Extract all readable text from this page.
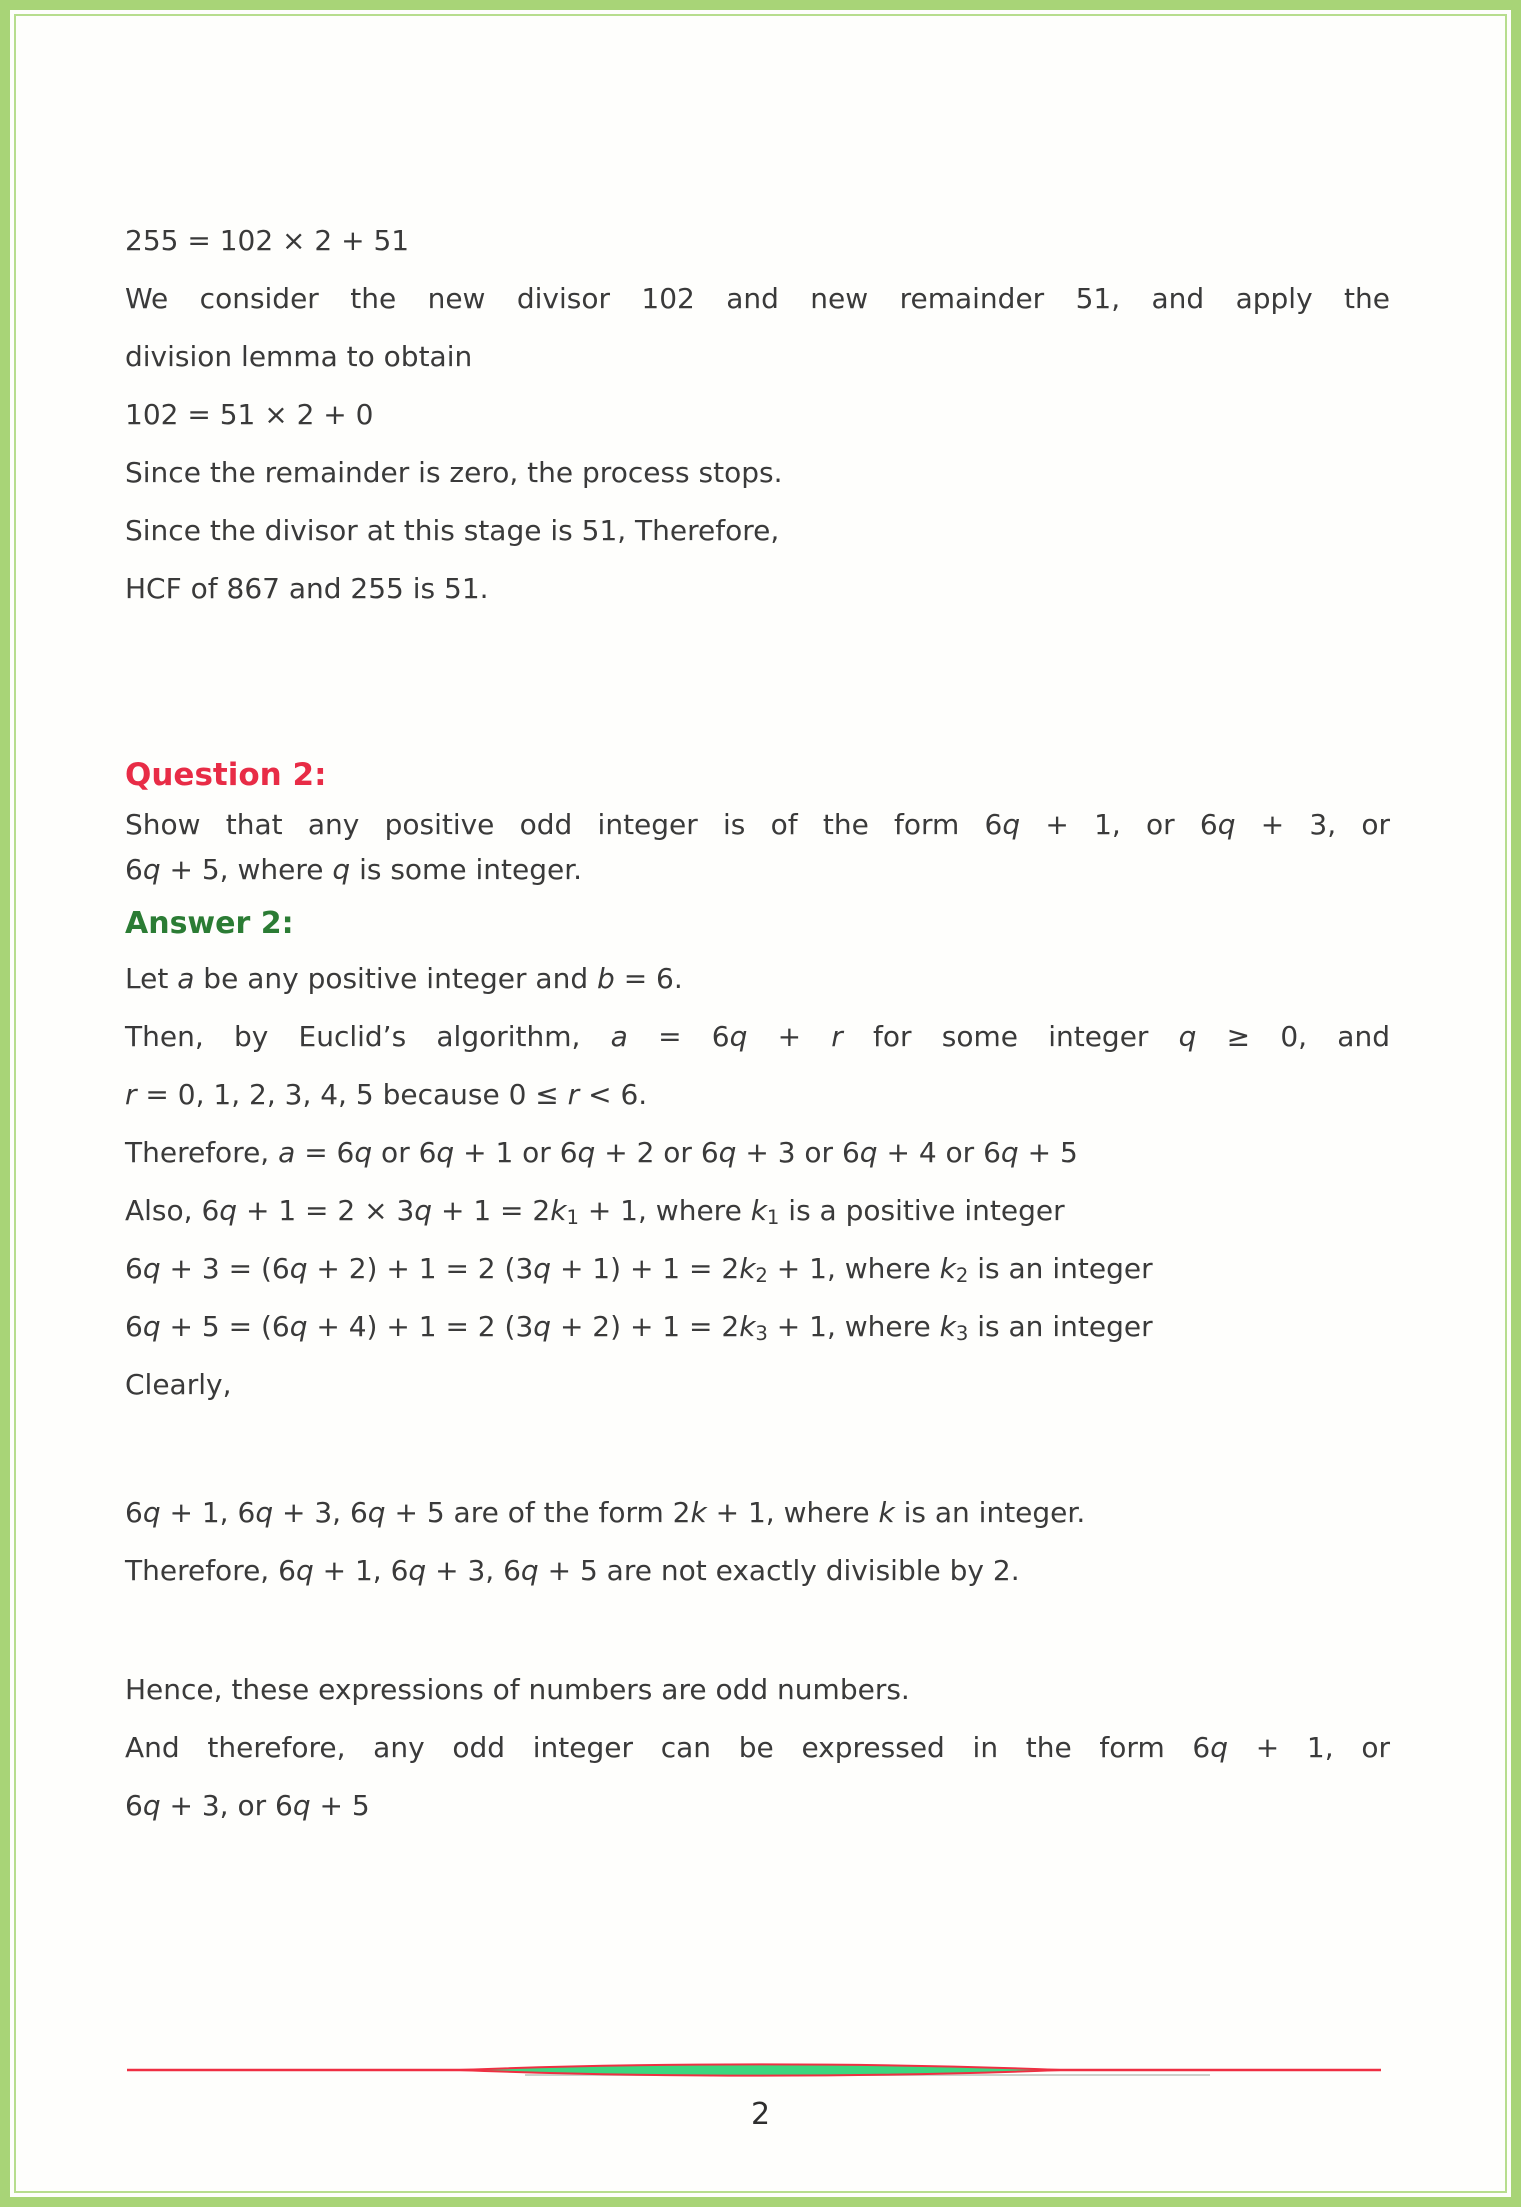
255 = 102 × 2 + 51
We consider the new divisor 102 and new remainder 51, and apply the
division lemma to obtain
102 = 51 × 2 + 0
Since the remainder is zero, the process stops.
Since the divisor at this stage is 51, Therefore,
HCF of 867 and 255 is 51.
Question 2:
Show that any positive odd integer is of the form 6q + 1, or 6q + 3, or
6q + 5, where q is some integer.
Answer 2:
Let a be any positive integer and b = 6.
Then, by Euclid’s algorithm, a = 6q + r for some integer q ≥ 0, and
r = 0, 1, 2, 3, 4, 5 because 0 ≤ r < 6.
Therefore, a = 6q or 6q + 1 or 6q + 2 or 6q + 3 or 6q + 4 or 6q + 5
Also, $6q + 1 = 2 \times 3q + 1 = 2k_1 + 1$, where $k_1$ is a positive integer
6q + 3 = (6q + 2) + 1 = 2 $(3q + 1) + 1 = 2k_2 + 1$, where $k_2$ is an integer
6q + 5 = (6q + 4) + 1 = 2 $(3q + 2) + 1 = 2k_3 + 1$, where $k_3$ is an integer
Clearly,
6q + 1, 6q + 3, 6q + 5 are of the form 2k + 1, where k is an integer.
Therefore, 6q + 1, 6q + 3, 6q + 5 are not exactly divisible by 2.
Hence, these expressions of numbers are odd numbers.
And therefore, any odd integer can be expressed in the form 6q + 1, or
6q + 3, or 6q + 5
2
